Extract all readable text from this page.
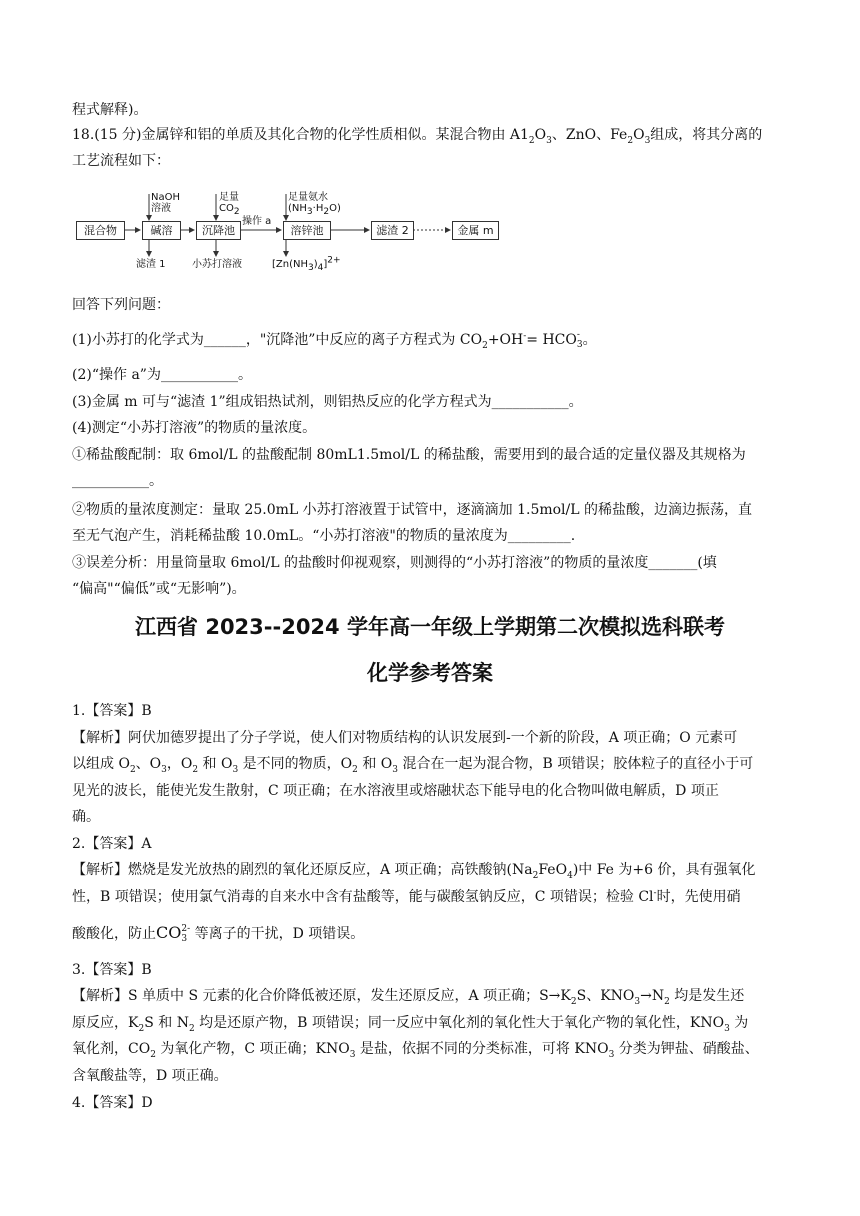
程式解释)。
18.(15 分)金属锌和铝的单质及其化合物的化学性质相似。某混合物由 $A1_2O_3$、ZnO、$Fe_2O_3$组成，将其分离的
工艺流程如下：
混合物	碱溶	沉降池	溶锌池	滤渣 2	金属 m
NaOH
溶液
足量
$CO_2$
操作 a
足量氨水
$(NH_3\cdot H_2O)$
滤渣 1	小苏打溶液	$[Zn(NH_3)_4]^{2+}$
回答下列问题：
(1)小苏打的化学式为______，"沉降池”中反应的离子方程式为 $CO_2+OH^-=$ HCO -
3 。
(2)“操作 a”为___________。
(3)金属 m 可与“滤渣 1”组成铝热试剂，则铝热反应的化学方程式为___________。
(4)测定“小苏打溶液”的物质的量浓度。
①稀盐酸配制：取 6mol/L 的盐酸配制 80mL1.5mol/L 的稀盐酸，需要用到的最合适的定量仪器及其规格为
___________。
②物质的量浓度测定：量取 25.0mL 小苏打溶液置于试管中，逐滴滴加 1.5mol/L 的稀盐酸，边滴边振荡，直
至无气泡产生，消耗稀盐酸 10.0mL。“小苏打溶液"的物质的量浓度为_________.
③误差分析：用量筒量取 6mol/L 的盐酸时仰视观察，则测得的“小苏打溶液”的物质的量浓度_______(填
“偏高"“偏低”或“无影响”)。
江西省 2023--2024 学年高一年级上学期第二次模拟选科联考
化学参考答案
1.【答案】B
【解析】阿伏加德罗提出了分子学说，使人们对物质结构的认识发展到-一个新的阶段，A 项正确；O 元素可
以组成 $O_2$、$O_3$，$O_2$ 和 $O_3$ 是不同的物质，$O_2$ 和 $O_3$ 混合在一起为混合物，B 项错误；胶体粒子的直径小于可
见光的波长，能使光发生散射，C 项正确；在水溶液里或熔融状态下能导电的化合物叫做电解质，D 项正
确。
2.【答案】A
【解析】燃烧是发光放热的剧烈的氧化还原反应，A 项正确；高铁酸钠$(Na_2FeO_4)$中 Fe 为+6 价，具有强氧化
性，B 项错误；使用氯气消毒的自来水中含有盐酸等，能与碳酸氢钠反应，C 项错误；检验 Cl-时，先使用硝
酸酸化，防止CO 2-
3 等离子的干扰，D 项错误。
3.【答案】B
【解析】S 单质中 S 元素的化合价降低被还原，发生还原反应，A 项正确；$S\to K_2S$、$KNO_3\to N_2$ 均是发生还
原反应，$K_2S$ 和 $N_2$ 均是还原产物，B 项错误；同一反应中氧化剂的氧化性大于氧化产物的氧化性，$KNO_3$ 为
氧化剂，$CO_2$ 为氧化产物，C 项正确；$KNO_3$ 是盐，依据不同的分类标准，可将 $KNO_3$ 分类为钾盐、硝酸盐、
含氧酸盐等，D 项正确。
4.【答案】D
